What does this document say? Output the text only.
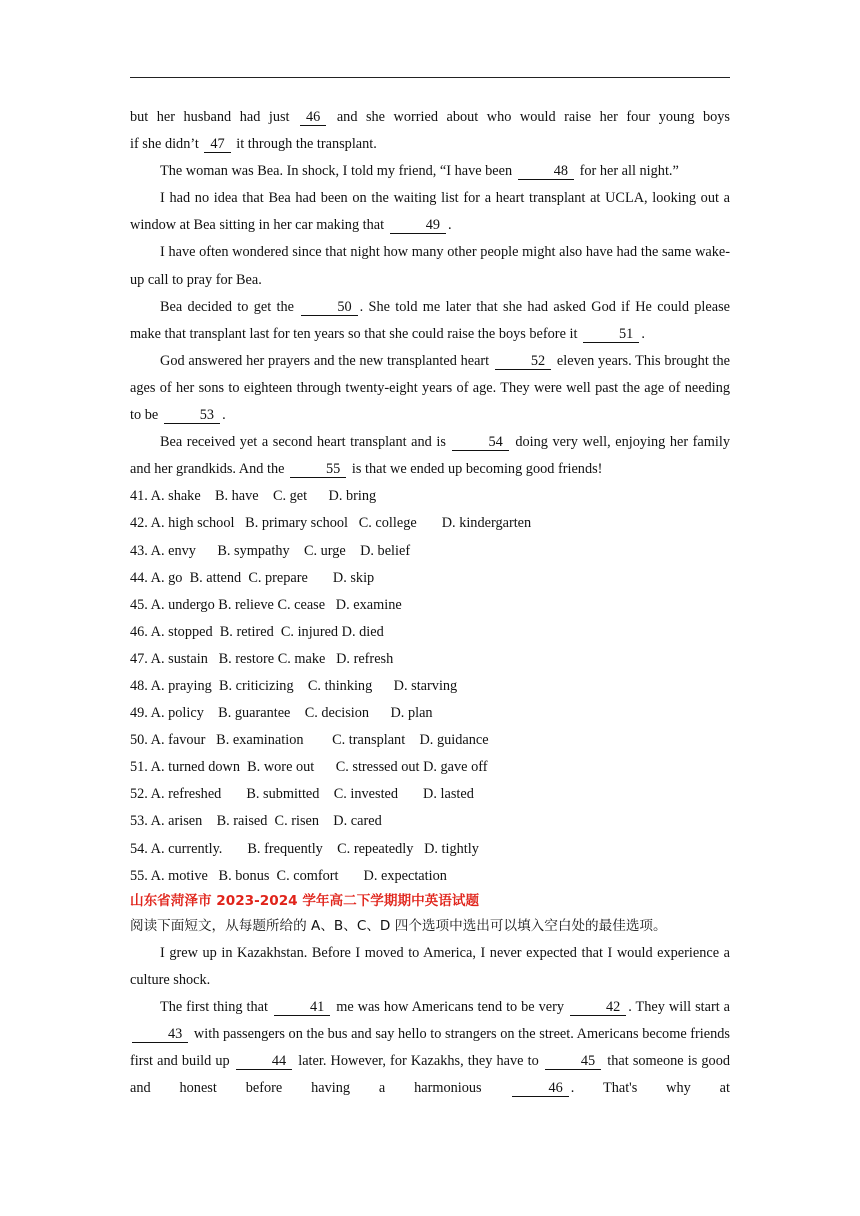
but her husband had just 46 and she worried about who would raise her four young boys

if she didn’t 47 it through the transplant.

The woman was Bea. In shock, I told my friend, “I have been	48 for her all night.”

I had no idea that Bea had been on the waiting list for a heart transplant at UCLA, looking out a window at Bea sitting in her car making that	49 .

I have often wondered since that night how many other people might also have had the same wake-up call to pray for Bea.

Bea decided to get the	50 . She told me later that she had asked God if He could please make that transplant last for ten years so that she could raise the boys before it	51 .

God answered her prayers and the new transplanted heart	52 eleven years. This brought the ages of her sons to eighteen through twenty-eight years of age. They were well past the age of needing to be	53 .

Bea received yet a second heart transplant and is	54 doing very well, enjoying her family and her grandkids. And the	55 is that we ended up becoming good friends!

41. A. shake    B. have    C. get      D. bring

42. A. high school   B. primary school   C. college       D. kindergarten

43. A. envy      B. sympathy    C. urge    D. belief

44. A. go  B. attend  C. prepare       D. skip

45. A. undergo B. relieve C. cease   D. examine

46. A. stopped  B. retired  C. injured D. died

47. A. sustain   B. restore C. make   D. refresh

48. A. praying  B. criticizing    C. thinking      D. starving

49. A. policy    B. guarantee    C. decision      D. plan

50. A. favour   B. examination        C. transplant    D. guidance

51. A. turned down  B. wore out      C. stressed out D. gave off

52. A. refreshed       B. submitted    C. invested       D. lasted

53. A. arisen    B. raised  C. risen    D. cared

54. A. currently.       B. frequently    C. repeatedly   D. tightly

55. A. motive   B. bonus  C. comfort       D. expectation

山东省菏泽市 2023-2024 学年高二下学期期中英语试题

阅读下面短文，从每题所给的 A、B、C、D 四个选项中选出可以填入空白处的最佳选项。

I grew up in Kazakhstan. Before I moved to America, I never expected that I would experience a culture shock.

The first thing that	41 me was how Americans tend to be very	42 . They will start a 43 with passengers on the bus and say hello to strangers on the street. Americans become friends first and build up	44 later. However, for Kazakhs, they have to	45 that someone is good and honest before having a harmonious	46 . That's why at
